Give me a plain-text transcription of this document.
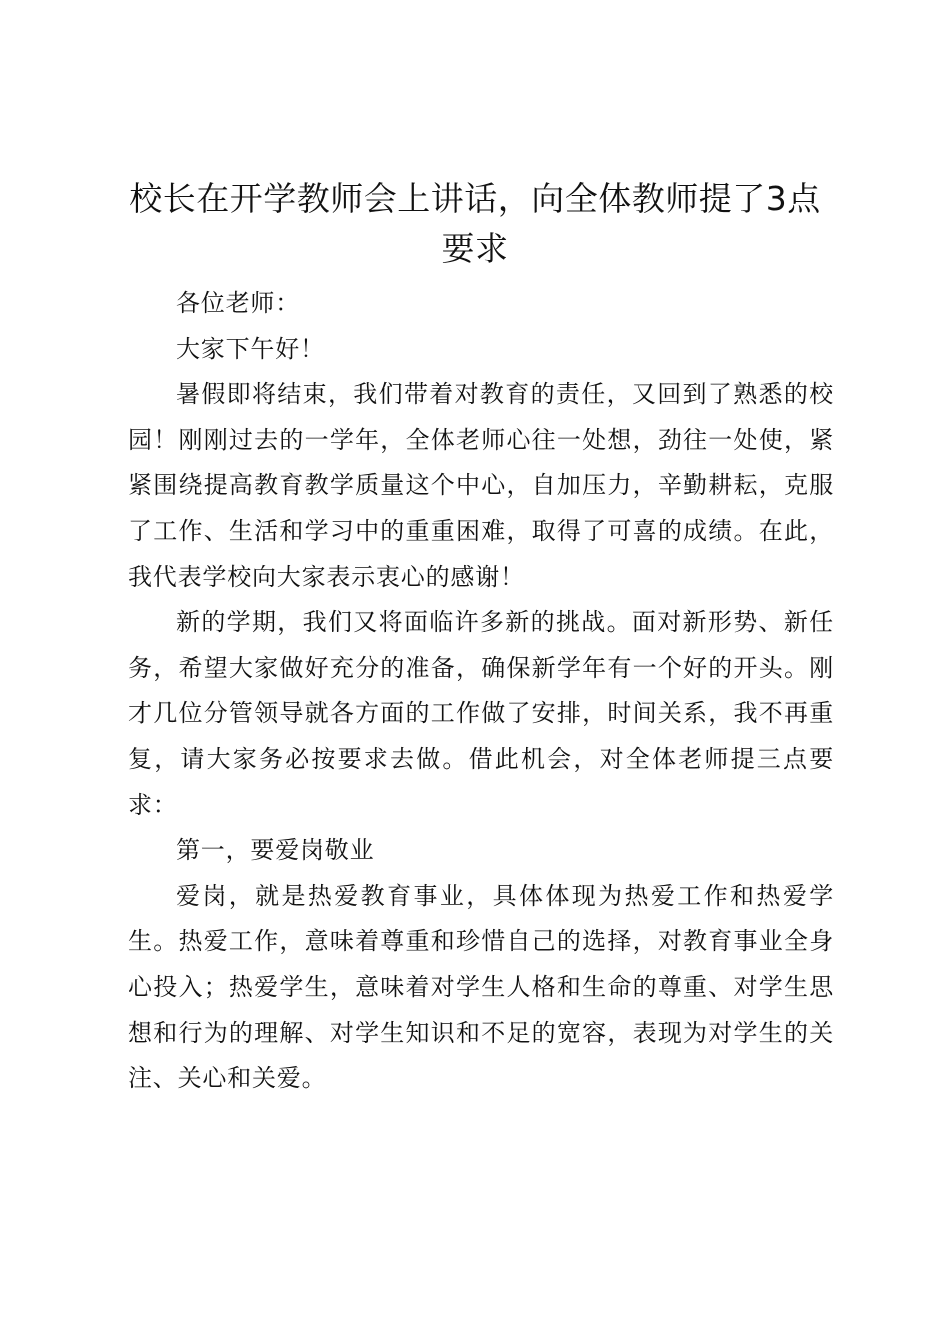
校长在开学教师会上讲话，向全体教师提了3点要求

各位老师：

大家下午好！

暑假即将结束，我们带着对教育的责任，又回到了熟悉的校园！刚刚过去的一学年，全体老师心往一处想，劲往一处使，紧紧围绕提高教育教学质量这个中心，自加压力，辛勤耕耘，克服了工作、生活和学习中的重重困难，取得了可喜的成绩。在此，我代表学校向大家表示衷心的感谢！

新的学期，我们又将面临许多新的挑战。面对新形势、新任务，希望大家做好充分的准备，确保新学年有一个好的开头。刚才几位分管领导就各方面的工作做了安排，时间关系，我不再重复，请大家务必按要求去做。借此机会，对全体老师提三点要求：

第一，要爱岗敬业

爱岗，就是热爱教育事业，具体体现为热爱工作和热爱学生。热爱工作，意味着尊重和珍惜自己的选择，对教育事业全身心投入；热爱学生，意味着对学生人格和生命的尊重、对学生思想和行为的理解、对学生知识和不足的宽容，表现为对学生的关注、关心和关爱。
